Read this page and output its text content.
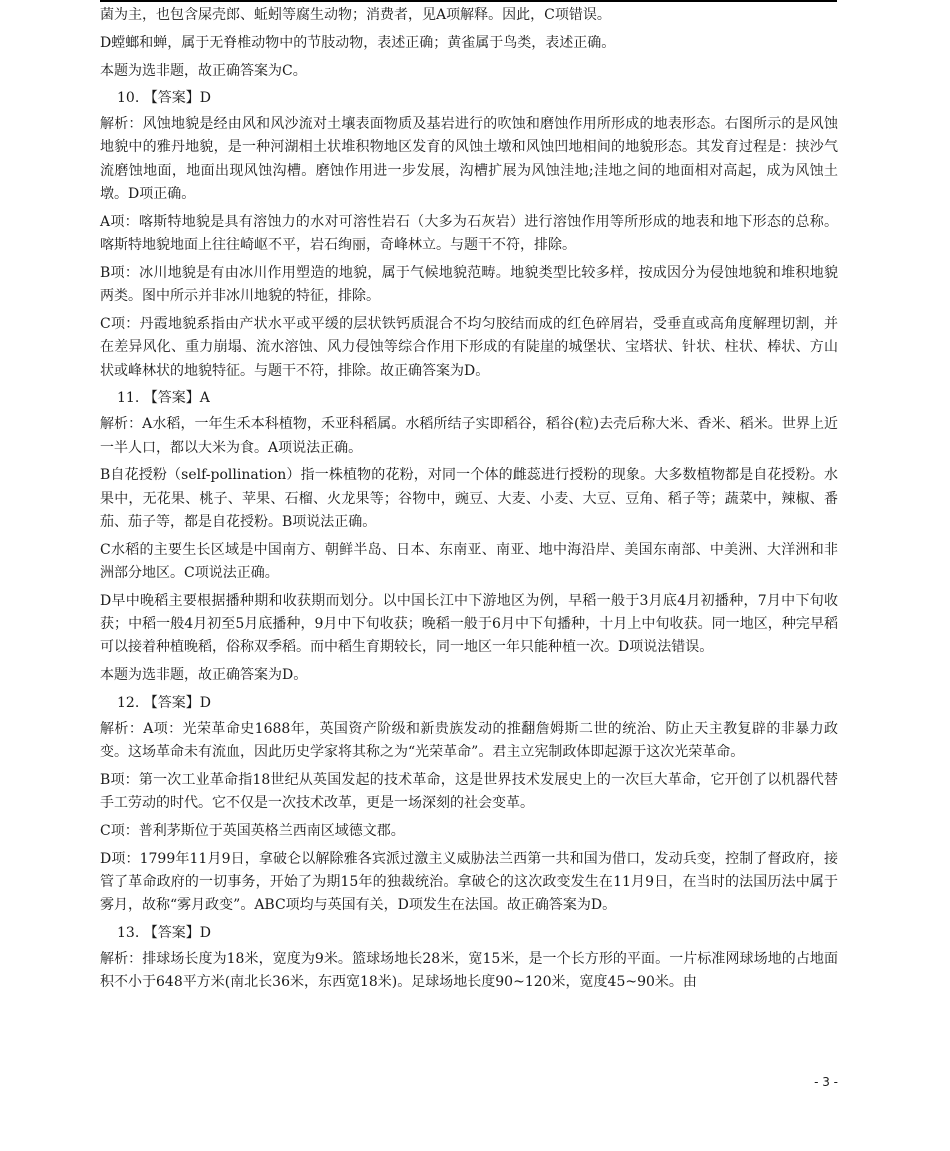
菌为主，也包含屎壳郎、蚯蚓等腐生动物；消费者，见A项解释。因此，C项错误。

D螳螂和蝉，属于无脊椎动物中的节肢动物，表述正确；黄雀属于鸟类，表述正确。

本题为选非题，故正确答案为C。

10. 【答案】D

解析：风蚀地貌是经由风和风沙流对土壤表面物质及基岩进行的吹蚀和磨蚀作用所形成的地表形态。右图所示的是风蚀地貌中的雅丹地貌，是一种河湖相土状堆积物地区发育的风蚀土墩和风蚀凹地相间的地貌形态。其发育过程是：挟沙气流磨蚀地面，地面出现风蚀沟槽。磨蚀作用进一步发展，沟槽扩展为风蚀洼地;洼地之间的地面相对高起，成为风蚀土墩。D项正确。

A项：喀斯特地貌是具有溶蚀力的水对可溶性岩石（大多为石灰岩）进行溶蚀作用等所形成的地表和地下形态的总称。喀斯特地貌地面上往往崎岖不平，岩石绚丽，奇峰林立。与题干不符，排除。

B项：冰川地貌是有由冰川作用塑造的地貌，属于气候地貌范畴。地貌类型比较多样，按成因分为侵蚀地貌和堆积地貌两类。图中所示并非冰川地貌的特征，排除。

C项：丹霞地貌系指由产状水平或平缓的层状铁钙质混合不均匀胶结而成的红色碎屑岩，受垂直或高角度解理切割，并在差异风化、重力崩塌、流水溶蚀、风力侵蚀等综合作用下形成的有陡崖的城堡状、宝塔状、针状、柱状、棒状、方山状或峰林状的地貌特征。与题干不符，排除。故正确答案为D。

11. 【答案】A

解析：A水稻，一年生禾本科植物，禾亚科稻属。水稻所结子实即稻谷，稻谷(粒)去壳后称大米、香米、稻米。世界上近一半人口，都以大米为食。A项说法正确。

B自花授粉（self-pollination）指一株植物的花粉，对同一个体的雌蕊进行授粉的现象。大多数植物都是自花授粉。水果中，无花果、桃子、苹果、石榴、火龙果等；谷物中，豌豆、大麦、小麦、大豆、豆角、稻子等；蔬菜中，辣椒、番茄、茄子等，都是自花授粉。B项说法正确。

C水稻的主要生长区域是中国南方、朝鲜半岛、日本、东南亚、南亚、地中海沿岸、美国东南部、中美洲、大洋洲和非洲部分地区。C项说法正确。

D早中晚稻主要根据播种期和收获期而划分。以中国长江中下游地区为例，早稻一般于3月底4月初播种，7月中下旬收获；中稻一般4月初至5月底播种，9月中下旬收获；晚稻一般于6月中下旬播种，十月上中旬收获。同一地区，种完早稻可以接着种植晚稻，俗称双季稻。而中稻生育期较长，同一地区一年只能种植一次。D项说法错误。

本题为选非题，故正确答案为D。

12. 【答案】D

解析：A项：光荣革命史1688年，英国资产阶级和新贵族发动的推翻詹姆斯二世的统治、防止天主教复辟的非暴力政变。这场革命未有流血，因此历史学家将其称之为“光荣革命”。君主立宪制政体即起源于这次光荣革命。

B项：第一次工业革命指18世纪从英国发起的技术革命，这是世界技术发展史上的一次巨大革命，它开创了以机器代替手工劳动的时代。它不仅是一次技术改革，更是一场深刻的社会变革。

C项：普利茅斯位于英国英格兰西南区域德文郡。

D项：1799年11月9日，拿破仑以解除雅各宾派过激主义威胁法兰西第一共和国为借口，发动兵变，控制了督政府，接管了革命政府的一切事务，开始了为期15年的独裁统治。拿破仑的这次政变发生在11月9日，在当时的法国历法中属于雾月，故称“雾月政变”。ABC项均与英国有关，D项发生在法国。故正确答案为D。

13. 【答案】D

解析：排球场长度为18米，宽度为9米。篮球场地长28米，宽15米，是一个长方形的平面。一片标准网球场地的占地面积不小于648平方米(南北长36米，东西宽18米)。足球场地长度90~120米，宽度45~90米。由

- 3 -
